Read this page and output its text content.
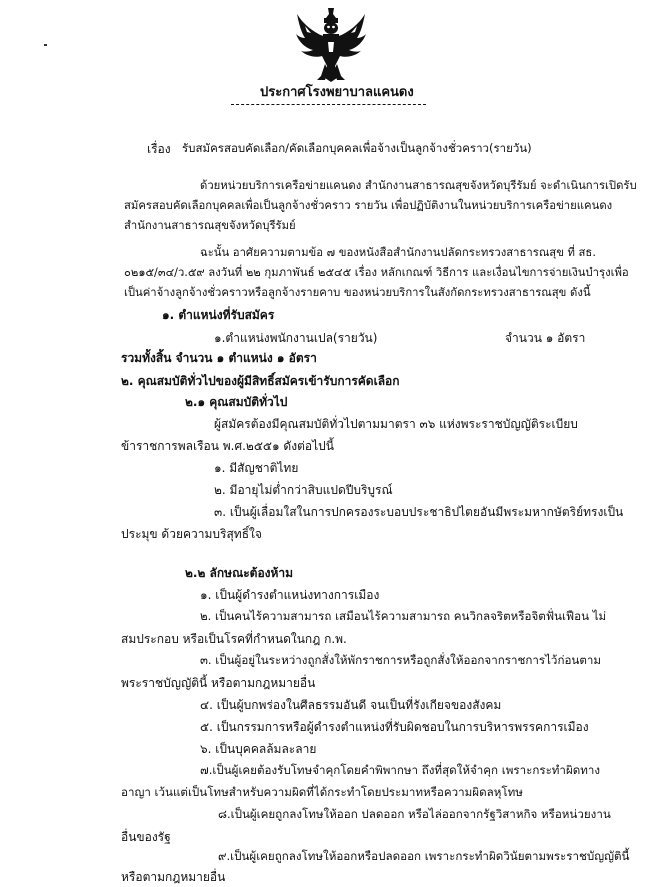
ประกาศโรงพยาบาลแคนดง
เรื่อง รับสมัครสอบคัดเลือก/คัดเลือกบุคคลเพื่อจ้างเป็นลูกจ้างชั่วคราว(รายวัน)
ด้วยหน่วยบริการเครือข่ายแคนดง สำนักงานสาธารณสุขจังหวัดบุรีรัมย์ จะดำเนินการเปิดรับ
สมัครสอบคัดเลือกบุคคลเพื่อเป็นลูกจ้างชั่วคราว รายวัน เพื่อปฏิบัติงานในหน่วยบริการเครือข่ายแคนดง
สำนักงานสาธารณสุขจังหวัดบุรีรัมย์
ฉะนั้น อาศัยความตามข้อ ๗ ของหนังสือสำนักงานปลัดกระทรวงสาธารณสุข ที่ สธ.
๐๒๑๕/๓๔/ว.๕๙ ลงวันที่ ๒๒ กุมภาพันธ์ ๒๕๔๕ เรื่อง หลักเกณฑ์ วิธีการ และเงื่อนไขการจ่ายเงินบำรุงเพื่อ
เป็นค่าจ้างลูกจ้างชั่วคราวหรือลูกจ้างรายคาบ ของหน่วยบริการในสังกัดกระทรวงสาธารณสุข ดังนี้
๑. ตำแหน่งที่รับสมัคร
๑.ตำแหน่งพนักงานเปล(รายวัน)	จำนวน ๑ อัตรา
รวมทั้งสิ้น จำนวน ๑ ตำแหน่ง ๑ อัตรา
๒. คุณสมบัติทั่วไปของผู้มีสิทธิ์สมัครเข้ารับการคัดเลือก
๒.๑ คุณสมบัติทั่วไป
ผู้สมัครต้องมีคุณสมบัติทั่วไปตามมาตรา ๓๖ แห่งพระราชบัญญัติระเบียบ
ข้าราชการพลเรือน พ.ศ.๒๕๕๑ ดังต่อไปนี้
๑. มีสัญชาติไทย
๒. มีอายุไม่ต่ำกว่าสิบแปดปีบริบูรณ์
๓. เป็นผู้เลื่อมใสในการปกครองระบอบประชาธิปไตยอันมีพระมหากษัตริย์ทรงเป็น
ประมุข ด้วยความบริสุทธิ์ใจ
๒.๒ ลักษณะต้องห้าม
๑. เป็นผู้ดำรงตำแหน่งทางการเมือง
๒. เป็นคนไร้ความสามารถ เสมือนไร้ความสามารถ คนวิกลจริตหรือจิตฟั่นเฟือน ไม่
สมประกอบ หรือเป็นโรคที่กำหนดในกฎ ก.พ.
๓. เป็นผู้อยู่ในระหว่างถูกสั่งให้พักราชการหรือถูกสั่งให้ออกจากราชการไว้ก่อนตาม
พระราชบัญญัตินี้ หรือตามกฎหมายอื่น
๔. เป็นผู้บกพร่องในศีลธรรมอันดี จนเป็นที่รังเกียจของสังคม
๕. เป็นกรรมการหรือผู้ดำรงตำแหน่งที่รับผิดชอบในการบริหารพรรคการเมือง
๖. เป็นบุคคลล้มละลาย
๗.เป็นผู้เคยต้องรับโทษจำคุกโดยคำพิพากษา ถึงที่สุดให้จำคุก เพราะกระทำผิดทาง
อาญา เว้นแต่เป็นโทษสำหรับความผิดที่ได้กระทำโดยประมาทหรือความผิดลหุโทษ
๘.เป็นผู้เคยถูกลงโทษให้ออก ปลดออก หรือไล่ออกจากรัฐวิสาหกิจ หรือหน่วยงาน
อื่นของรัฐ
๙.เป็นผู้เคยถูกลงโทษให้ออกหรือปลดออก เพราะกระทำผิดวินัยตามพระราชบัญญัตินี้
หรือตามกฎหมายอื่น
